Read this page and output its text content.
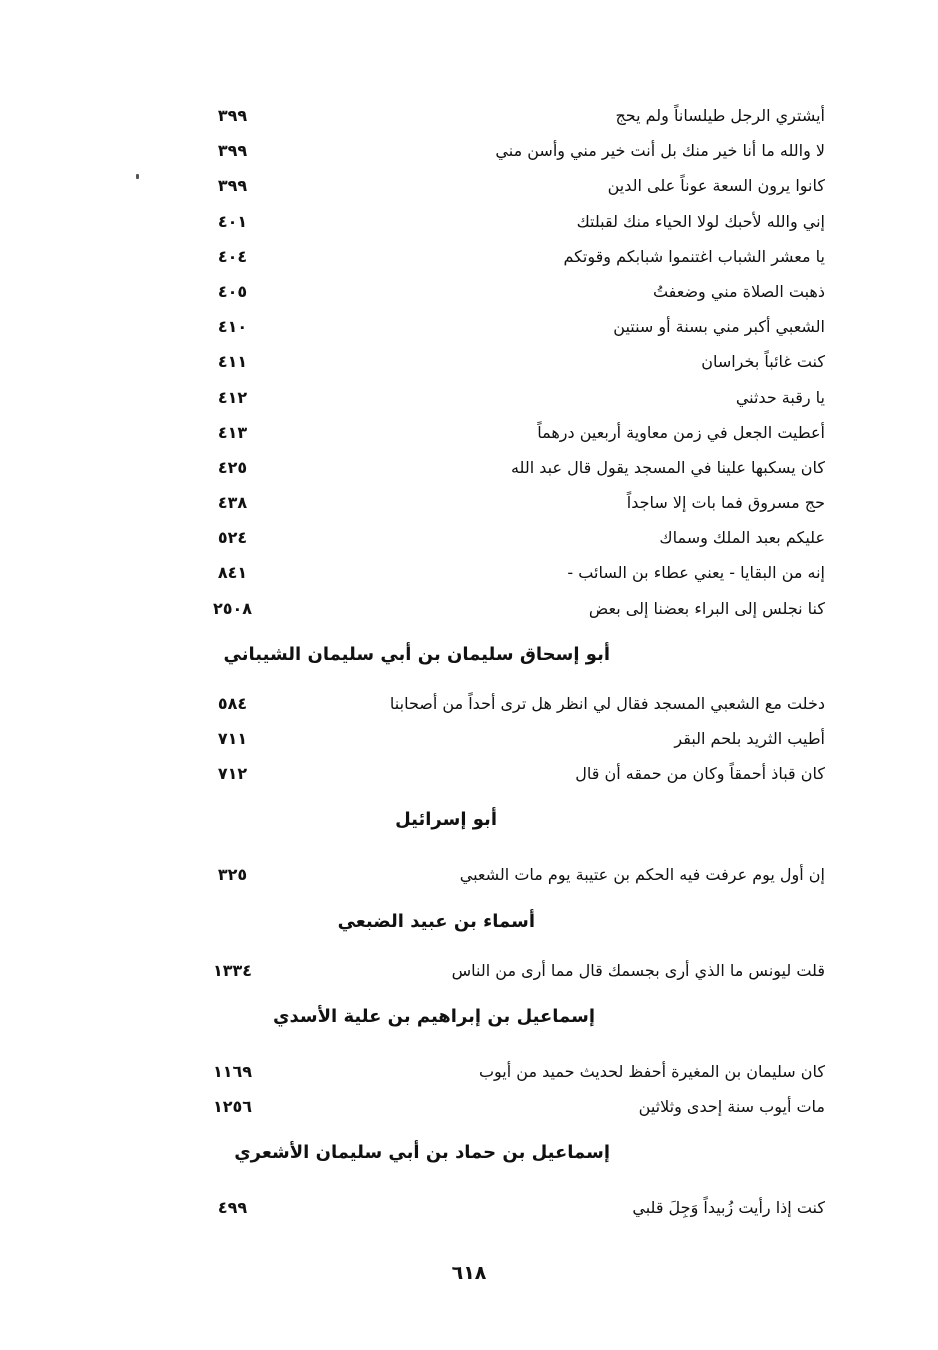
أيشتري الرجل طيلساناً ولم يحج
٣٩٩
لا والله ما أنا خير منك بل أنت خير مني وأسن مني
٣٩٩
كانوا يرون السعة عوناً على الدين
٣٩٩
إني والله لأحبك لولا الحياء منك لقبلتك
٤٠١
يا معشر الشباب اغتنموا شبابكم وقوتكم
٤٠٤
ذهبت الصلاة مني وضعفتُ
٤٠٥
الشعبي أكبر مني بسنة أو سنتين
٤١٠
كنت غائباً بخراسان
٤١١
يا رقبة حدثني
٤١٢
أعطيت الجعل في زمن معاوية أربعين درهماً
٤١٣
كان يسكبها علينا في المسجد يقول قال عبد الله
٤٢٥
حج مسروق فما بات إلا ساجداً
٤٣٨
عليكم بعبد الملك وسماك
٥٢٤
إنه من البقايا - يعني عطاء بن السائب -
٨٤١
كنا نجلس إلى البراء بعضنا إلى بعض
٢٥٠٨
أبو إسحاق سليمان بن أبي سليمان الشيباني
دخلت مع الشعبي المسجد فقال لي انظر هل ترى أحداً من أصحابنا
٥٨٤
أطيب الثريد بلحم البقر
٧١١
كان قباذ أحمقاً وكان من حمقه أن قال
٧١٢
أبو إسرائيل
إن أول يوم عرفت فيه الحكم بن عتيبة يوم مات الشعبي
٣٢٥
أسماء بن عبيد الضبعي
قلت ليونس ما الذي أرى بجسمك قال مما أرى من الناس
١٣٣٤
إسماعيل بن إبراهيم بن علية الأسدي
كان سليمان بن المغيرة أحفظ لحديث حميد من أيوب
١١٦٩
مات أيوب سنة إحدى وثلاثين
١٢٥٦
إسماعيل بن حماد بن أبي سليمان الأشعري
كنت إذا رأيت زُبيداً وَجِلَ قلبي
٤٩٩
٦١٨
